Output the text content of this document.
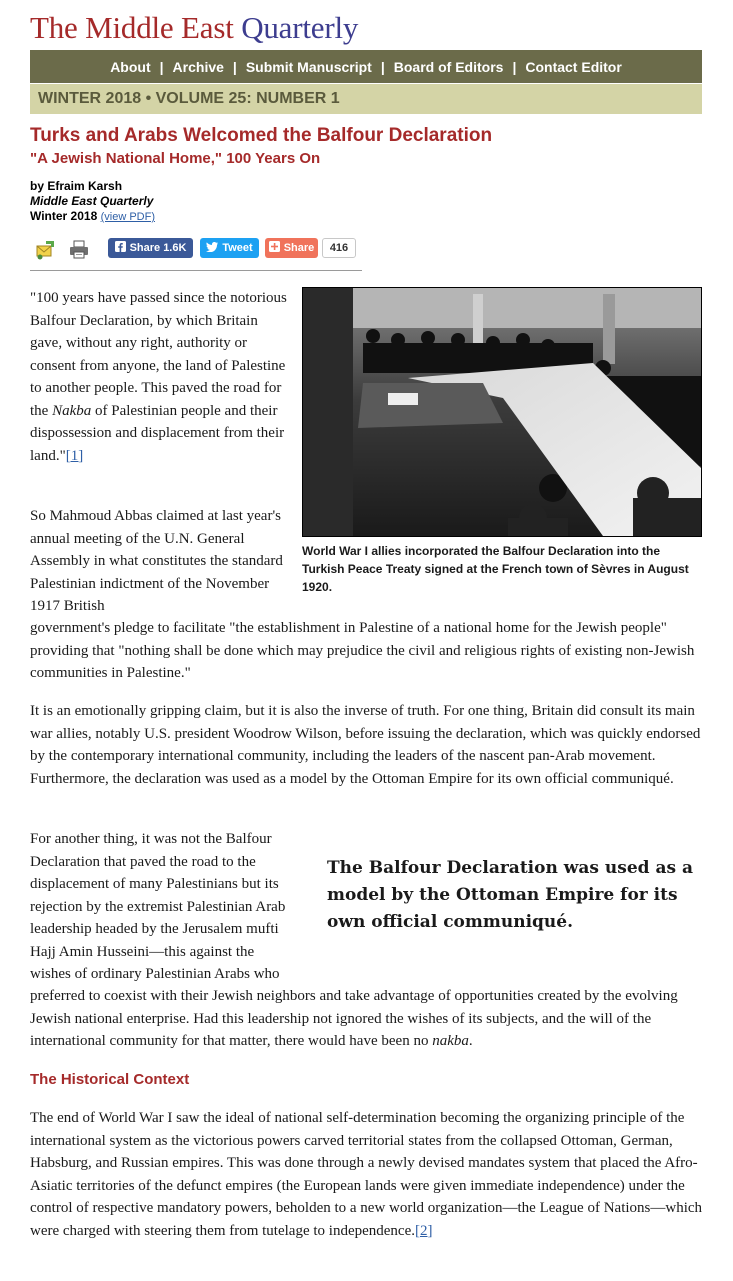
The Middle East Quarterly
About | Archive | Submit Manuscript | Board of Editors | Contact Editor
WINTER 2018 • VOLUME 25: NUMBER 1
Turks and Arabs Welcomed the Balfour Declaration
"A Jewish National Home," 100 Years On
by Efraim Karsh
Middle East Quarterly
Winter 2018 (view PDF)
Share 1.6K	Tweet	Share	416
World War I allies incorporated the Balfour Declaration into the Turkish Peace Treaty signed at the French town of Sèvres in August 1920.

"100 years have passed since the notorious Balfour Declaration, by which Britain gave, without any right, authority or consent from anyone, the land of Palestine to another people. This paved the road for the Nakba of Palestinian people and their dispossession and displacement from their land."[1]

So Mahmoud Abbas claimed at last year's annual meeting of the U.N. General Assembly in what constitutes the standard Palestinian indictment of the November 1917 British

government's pledge to facilitate "the establishment in Palestine of a national home for the Jewish people" providing that "nothing shall be done which may prejudice the civil and religious rights of existing non-Jewish communities in Palestine."

It is an emotionally gripping claim, but it is also the inverse of truth. For one thing, Britain did consult its main war allies, notably U.S. president Woodrow Wilson, before issuing the declaration, which was quickly endorsed by the contemporary international community, including the leaders of the nascent pan-Arab movement. Furthermore, the declaration was used as a model by the Ottoman Empire for its own official communiqué.

For another thing, it was not the Balfour Declaration that paved the road to the displacement of many Palestinians but its rejection by the extremist Palestinian Arab leadership headed by the Jerusalem mufti Hajj Amin Husseini—this against the wishes of ordinary Palestinian Arabs who

preferred to coexist with their Jewish neighbors and take advantage of opportunities created by the evolving Jewish national enterprise. Had this leadership not ignored the wishes of its subjects, and the will of the international community for that matter, there would have been no nakba.

The Balfour Declaration was used as a model by the Ottoman Empire for its own official communiqué.
The Historical Context

The end of World War I saw the ideal of national self-determination becoming the organizing principle of the international system as the victorious powers carved territorial states from the collapsed Ottoman, German, Habsburg, and Russian empires. This was done through a newly devised mandates system that placed the Afro-Asiatic territories of the defunct empires (the European lands were given immediate independence) under the control of respective mandatory powers, beholden to a new world organization—the League of Nations—which were charged with steering them from tutelage to independence.[2]
